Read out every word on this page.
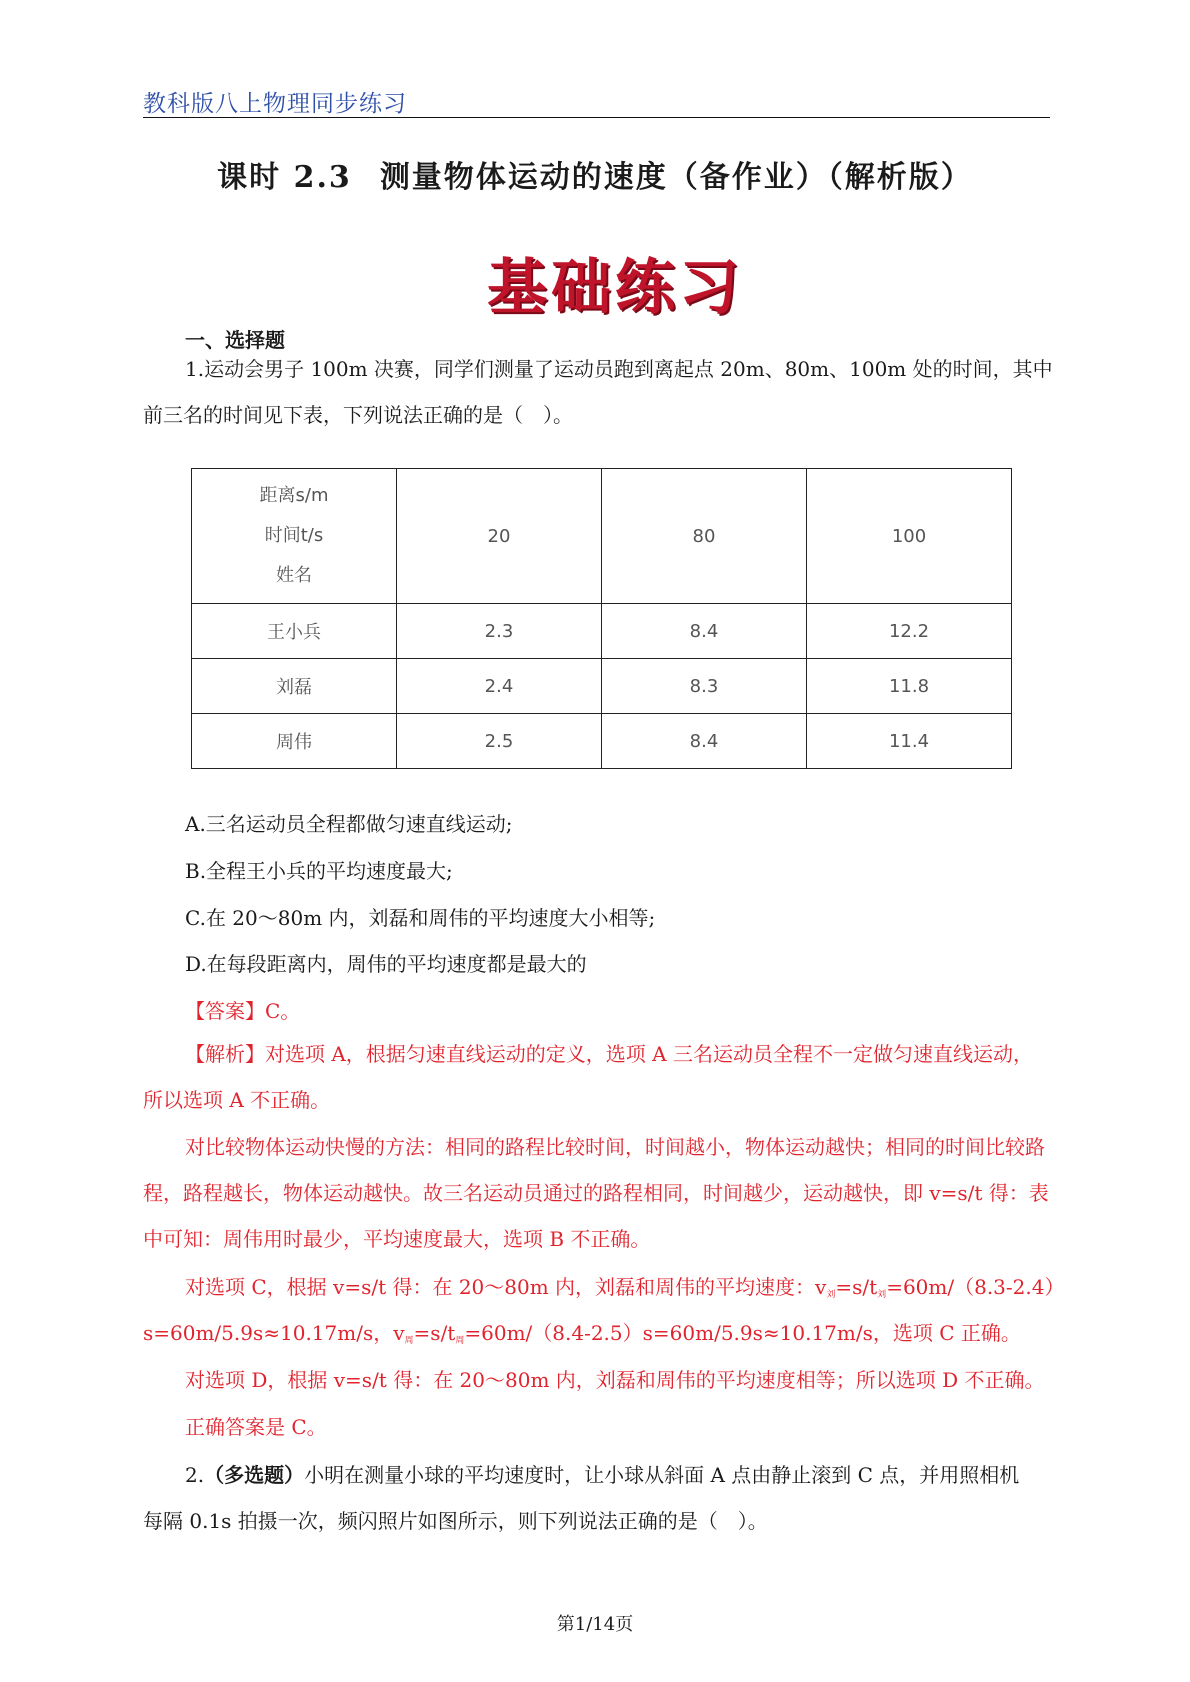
教科版八上物理同步练习
课时 2.3 测量物体运动的速度（备作业）（解析版）
基础练习
一、选择题
1.运动会男子 100m 决赛，同学们测量了运动员跑到离起点 20m、80m、100m 处的时间，其中
前三名的时间见下表，下列说法正确的是（　）。
距离s/m
时间t/s
姓名	20	80	100
王小兵	2.3	8.4	12.2
刘磊	2.4	8.3	11.8
周伟	2.5	8.4	11.4
A.三名运动员全程都做匀速直线运动;
B.全程王小兵的平均速度最大;
C.在 20～80m 内，刘磊和周伟的平均速度大小相等;
D.在每段距离内，周伟的平均速度都是最大的
【答案】C。
【解析】对选项 A，根据匀速直线运动的定义，选项 A 三名运动员全程不一定做匀速直线运动，所以选项 A 不正确。
对比较物体运动快慢的方法：相同的路程比较时间，时间越小，物体运动越快；相同的时间比较路程，路程越长，物体运动越快。故三名运动员通过的路程相同，时间越少，运动越快，即 v=s/t 得：表中可知：周伟用时最少，平均速度最大，选项 B 不正确。
对选项 C，根据 v=s/t 得：在 20～80m 内，刘磊和周伟的平均速度：$v_刘=s/t_刘=60m/(8.3-2.4)$
s=60m/5.9s≈10.17m/s，$v_周=s/t_周=60m/(8.4-2.5)s=60m/5.9s\approx 10.17m/s$，选项 C 正确。
对选项 D，根据 v=s/t 得：在 20～80m 内，刘磊和周伟的平均速度相等；所以选项 D 不正确。
正确答案是 C。
2.（多选题）小明在测量小球的平均速度时，让小球从斜面 A 点由静止滚到 C 点，并用照相机
每隔 0.1s 拍摄一次，频闪照片如图所示，则下列说法正确的是（　）。
第1/14页
